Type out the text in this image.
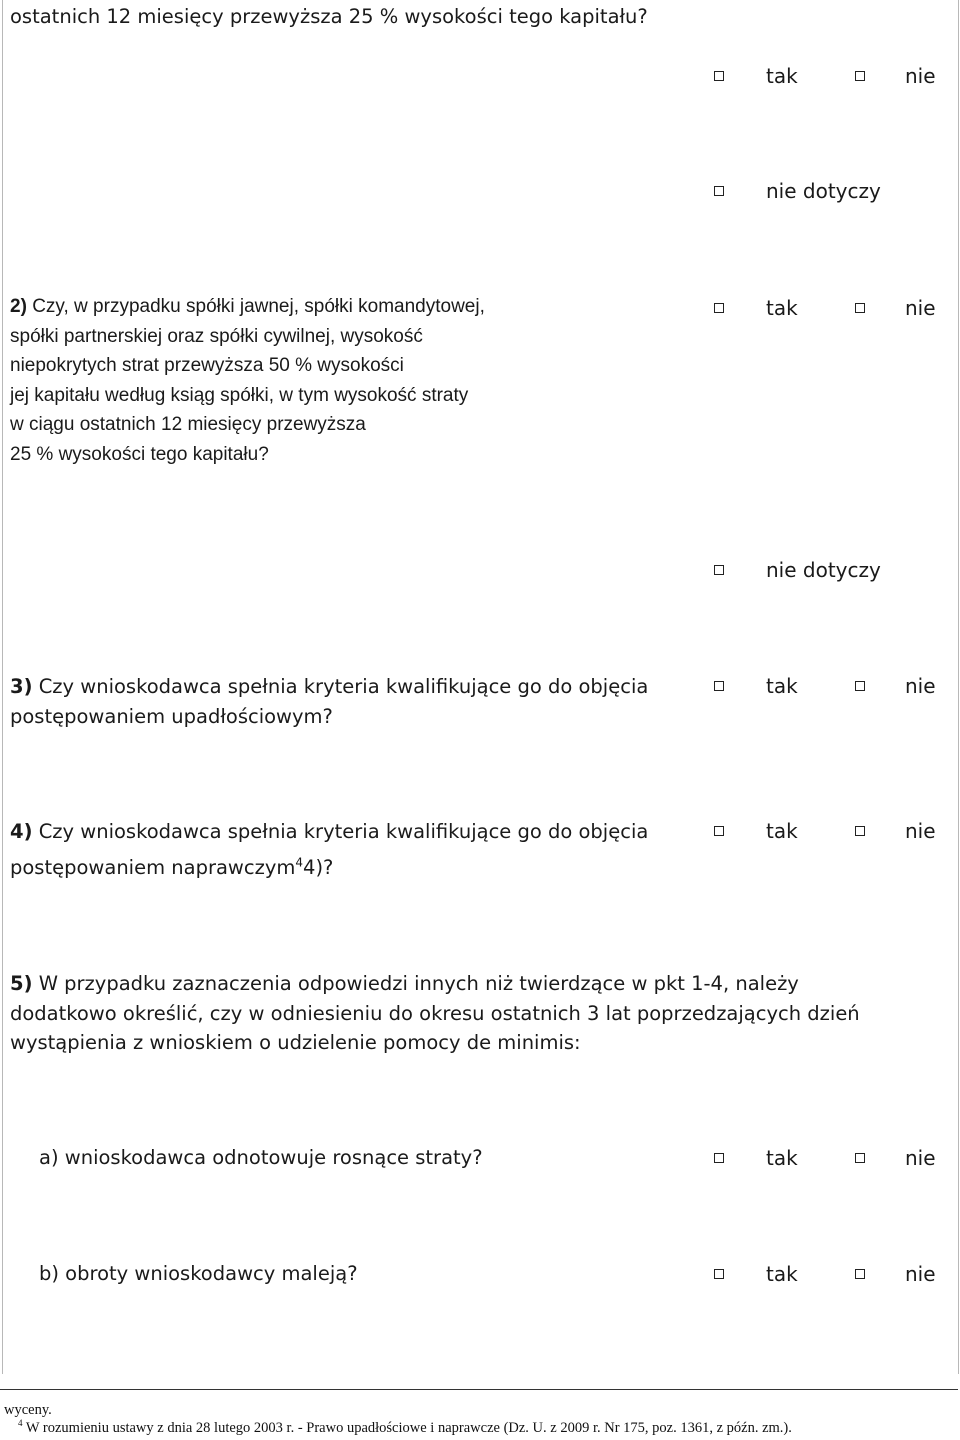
ostatnich 12 miesięcy przewyższa 25 % wysokości tego kapitału?

tak	nie
nie dotyczy
2) Czy, w przypadku spółki jawnej, spółki komandytowej,
spółki partnerskiej oraz spółki cywilnej, wysokość
niepokrytych strat przewyższa 50 % wysokości
jej kapitału według ksiąg spółki, w tym wysokość straty
w ciągu ostatnich 12 miesięcy przewyższa
25 % wysokości tego kapitału?
tak	nie
nie dotyczy
3) Czy wnioskodawca spełnia kryteria kwalifikujące go do objęcia
postępowaniem upadłościowym?
tak	nie
4) Czy wnioskodawca spełnia kryteria kwalifikujące go do objęcia
postępowaniem naprawczym$^4$4)?
tak	nie
5) W przypadku zaznaczenia odpowiedzi innych niż twierdzące w pkt 1-4, należy
dodatkowo określić, czy w odniesieniu do okresu ostatnich 3 lat poprzedzających dzień
wystąpienia z wnioskiem o udzielenie pomocy de minimis:

a) wnioskodawca odnotowuje rosnące straty?	tak	nie

b) obroty wnioskodawcy maleją?	tak	nie
wyceny.
$^4$ W rozumieniu ustawy z dnia 28 lutego 2003 r. - Prawo upadłościowe i naprawcze (Dz. U. z 2009 r. Nr 175, poz. 1361, z późn. zm.).
